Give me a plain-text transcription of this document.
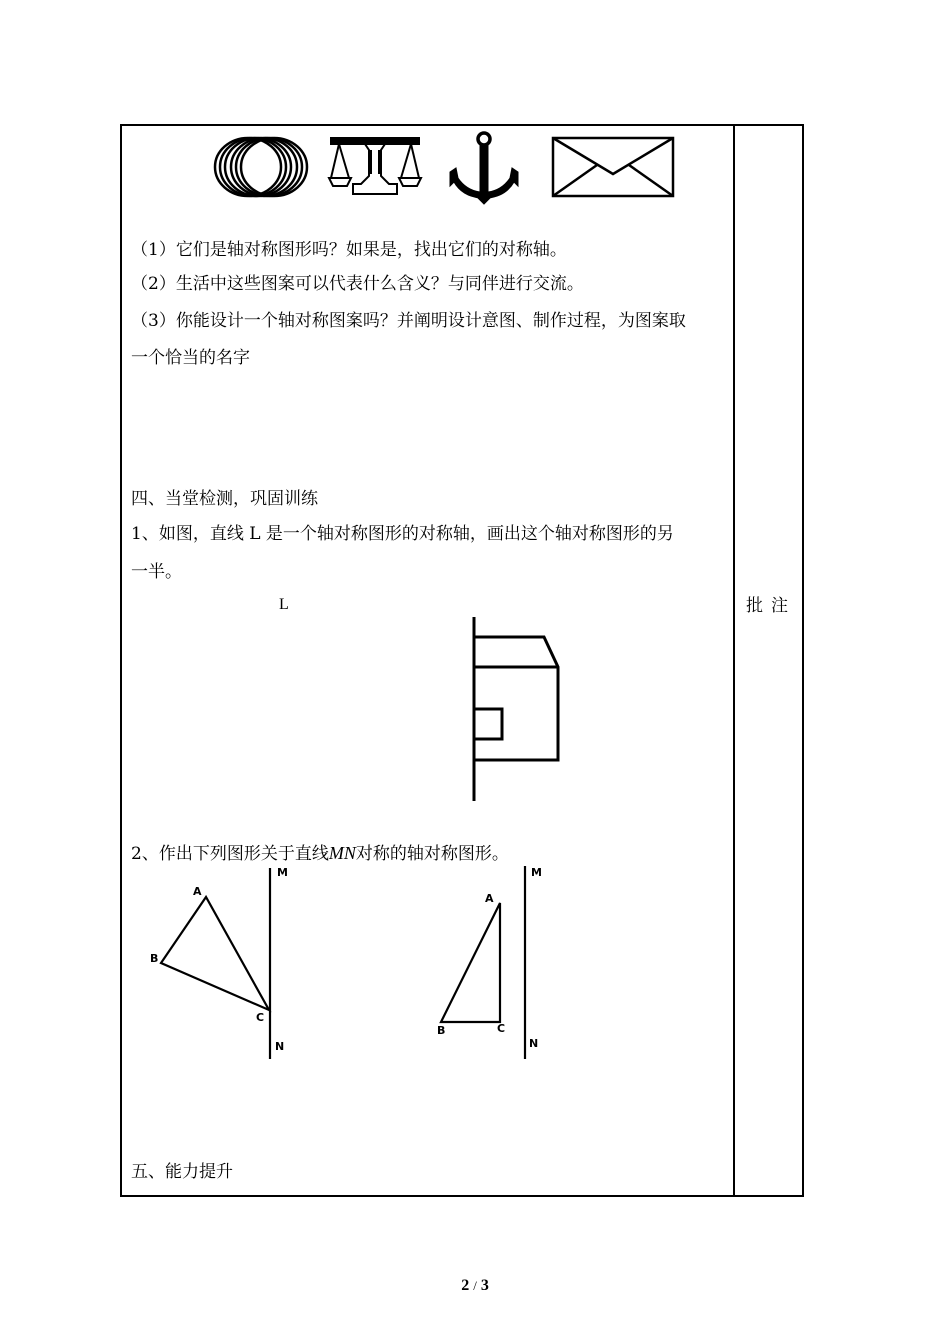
批注
（1）它们是轴对称图形吗？如果是，找出它们的对称轴。
（2）生活中这些图案可以代表什么含义？与同伴进行交流。
（3）你能设计一个轴对称图案吗？并阐明设计意图、制作过程，为图案取
一个恰当的名字
四、当堂检测，巩固训练
1、如图，直线 L 是一个轴对称图形的对称轴，画出这个轴对称图形的另
一半。
L
2、作出下列图形关于直线MN对称的轴对称图形。
A
B
C
M
N
A
B	C
M
N
五、能力提升
2 / 3
